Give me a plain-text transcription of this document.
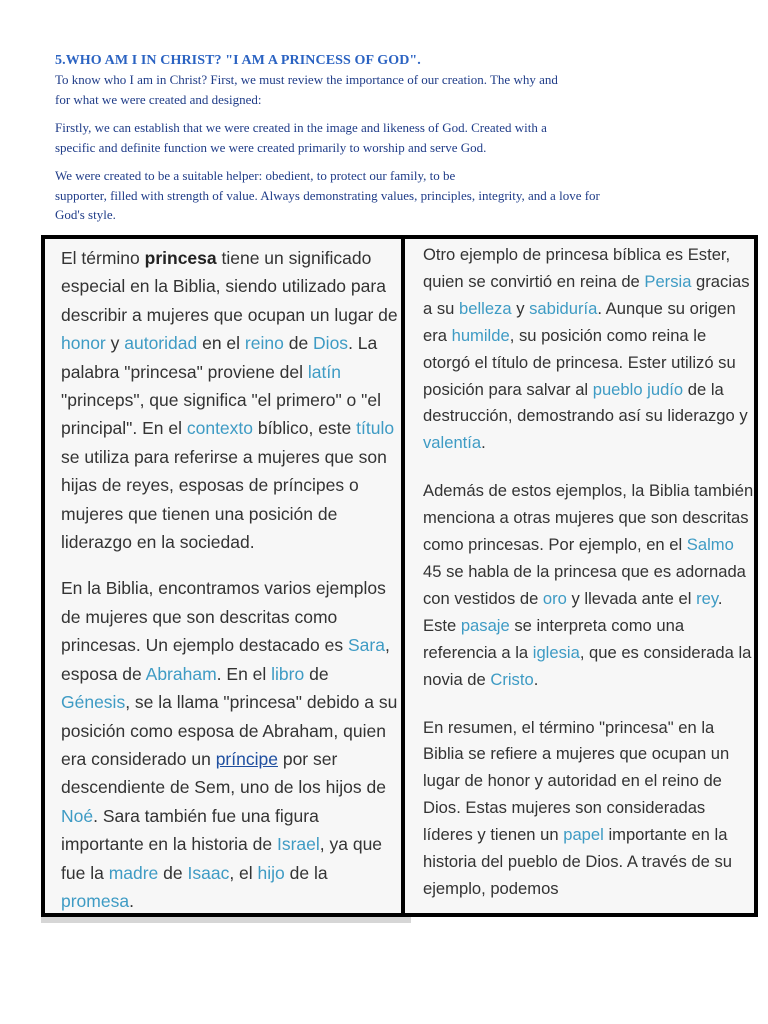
5.WHO AM I IN CHRIST? "I AM A PRINCESS OF GOD".

To know who I am in Christ? First, we must review the importance of our creation. The why and
for what we were created and designed:

Firstly, we can establish that we were created in the image and likeness of God. Created with a
specific and definite function we were created primarily to worship and serve God.

We were created to be a suitable helper: obedient, to protect our family, to be
supporter, filled with strength of value. Always demonstrating values, principles, integrity, and a love for
God's style.

El término princesa tiene un significado especial en la Biblia, siendo utilizado para describir a mujeres que ocupan un lugar de honor y autoridad en el reino de Dios. La palabra "princesa" proviene del latín "princeps", que significa "el primero" o "el principal". En el contexto bíblico, este título se utiliza para referirse a mujeres que son hijas de reyes, esposas de príncipes o mujeres que tienen una posición de liderazgo en la sociedad.

En la Biblia, encontramos varios ejemplos de mujeres que son descritas como princesas. Un ejemplo destacado es Sara, esposa de Abraham. En el libro de Génesis, se la llama "princesa" debido a su posición como esposa de Abraham, quien era considerado un príncipe por ser descendiente de Sem, uno de los hijos de Noé. Sara también fue una figura importante en la historia de Israel, ya que fue la madre de Isaac, el hijo de la promesa.

Otro ejemplo de princesa bíblica es Ester, quien se convirtió en reina de Persia gracias a su belleza y sabiduría. Aunque su origen era humilde, su posición como reina le otorgó el título de princesa. Ester utilizó su posición para salvar al pueblo judío de la destrucción, demostrando así su liderazgo y valentía.

Además de estos ejemplos, la Biblia también menciona a otras mujeres que son descritas como princesas. Por ejemplo, en el Salmo 45 se habla de la princesa que es adornada con vestidos de oro y llevada ante el rey. Este pasaje se interpreta como una referencia a la iglesia, que es considerada la novia de Cristo.

En resumen, el término "princesa" en la Biblia se refiere a mujeres que ocupan un lugar de honor y autoridad en el reino de Dios. Estas mujeres son consideradas líderes y tienen un papel importante en la historia del pueblo de Dios. A través de su ejemplo, podemos
